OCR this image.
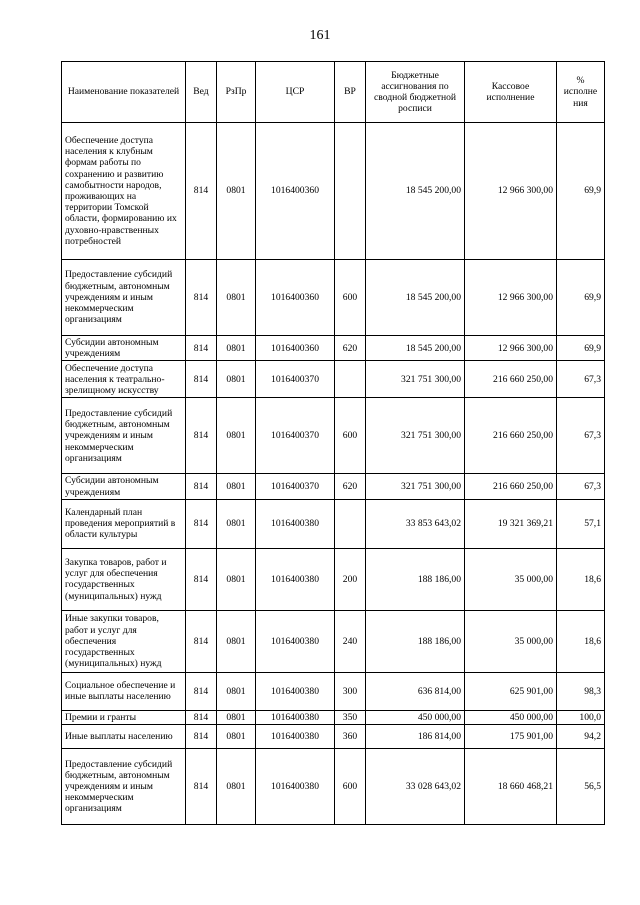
161
Наименование показателей	Вед	РзПр	ЦСР	ВР	Бюджетные ассигнования по сводной бюджетной росписи	Кассовое исполнение	% исполне ния
Обеспечение доступа населения к клубным формам работы по сохранению и развитию самобытности народов, проживающих на территории Томской области, формированию их духовно-нравственных потребностей	814	0801	1016400360		18 545 200,00	12 966 300,00	69,9
Предоставление субсидий бюджетным, автономным учреждениям и иным некоммерческим организациям	814	0801	1016400360	600	18 545 200,00	12 966 300,00	69,9
Субсидии автономным учреждениям	814	0801	1016400360	620	18 545 200,00	12 966 300,00	69,9
Обеспечение доступа населения к театрально-зрелищному искусству	814	0801	1016400370		321 751 300,00	216 660 250,00	67,3
Предоставление субсидий бюджетным, автономным учреждениям и иным некоммерческим организациям	814	0801	1016400370	600	321 751 300,00	216 660 250,00	67,3
Субсидии автономным учреждениям	814	0801	1016400370	620	321 751 300,00	216 660 250,00	67,3
Календарный план проведения мероприятий в области культуры	814	0801	1016400380		33 853 643,02	19 321 369,21	57,1
Закупка товаров, работ и услуг для обеспечения государственных (муниципальных) нужд	814	0801	1016400380	200	188 186,00	35 000,00	18,6
Иные закупки товаров, работ и услуг для обеспечения государственных (муниципальных) нужд	814	0801	1016400380	240	188 186,00	35 000,00	18,6
Социальное обеспечение и иные выплаты населению	814	0801	1016400380	300	636 814,00	625 901,00	98,3
Премии и гранты	814	0801	1016400380	350	450 000,00	450 000,00	100,0
Иные выплаты населению	814	0801	1016400380	360	186 814,00	175 901,00	94,2
Предоставление субсидий бюджетным, автономным учреждениям и иным некоммерческим организациям	814	0801	1016400380	600	33 028 643,02	18 660 468,21	56,5
